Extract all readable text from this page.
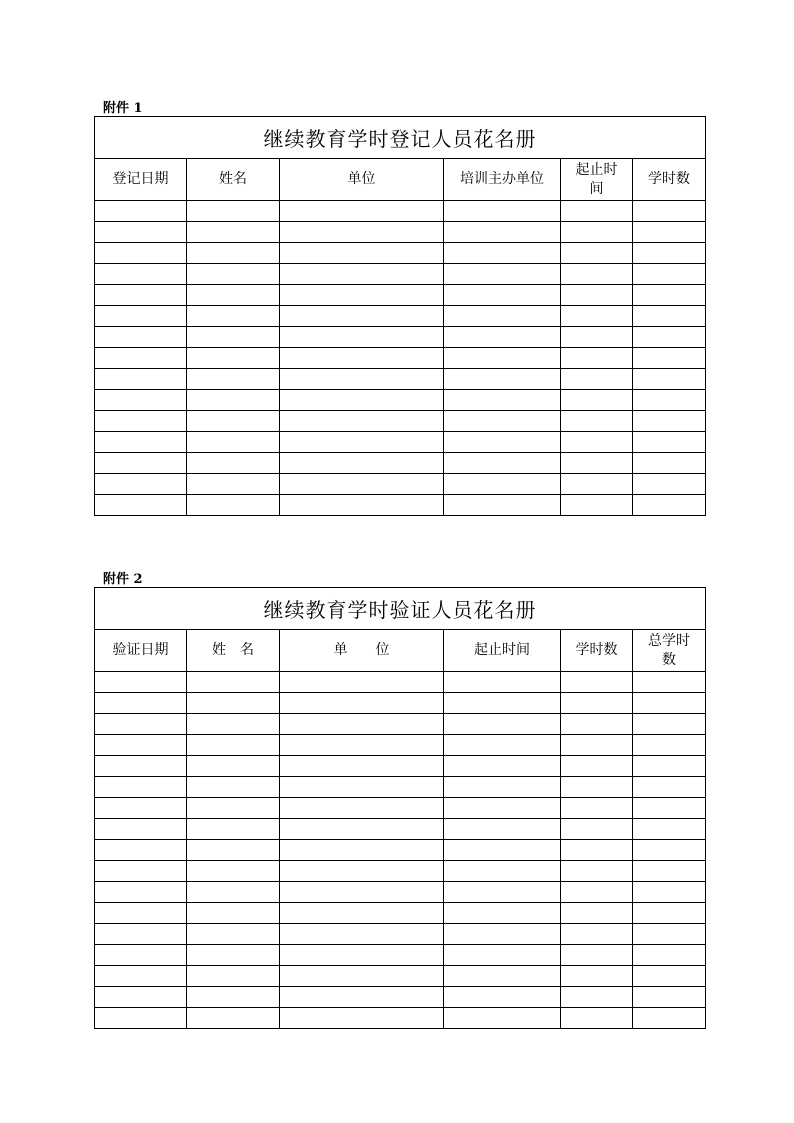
附件 1
继续教育学时登记人员花名册					
登记日期	姓名	单位	培训主办单位	起止时
间	学时数

附件 2
继续教育学时验证人员花名册					
验证日期	姓　名	单　　位	起止时间	学时数	总学时
数
